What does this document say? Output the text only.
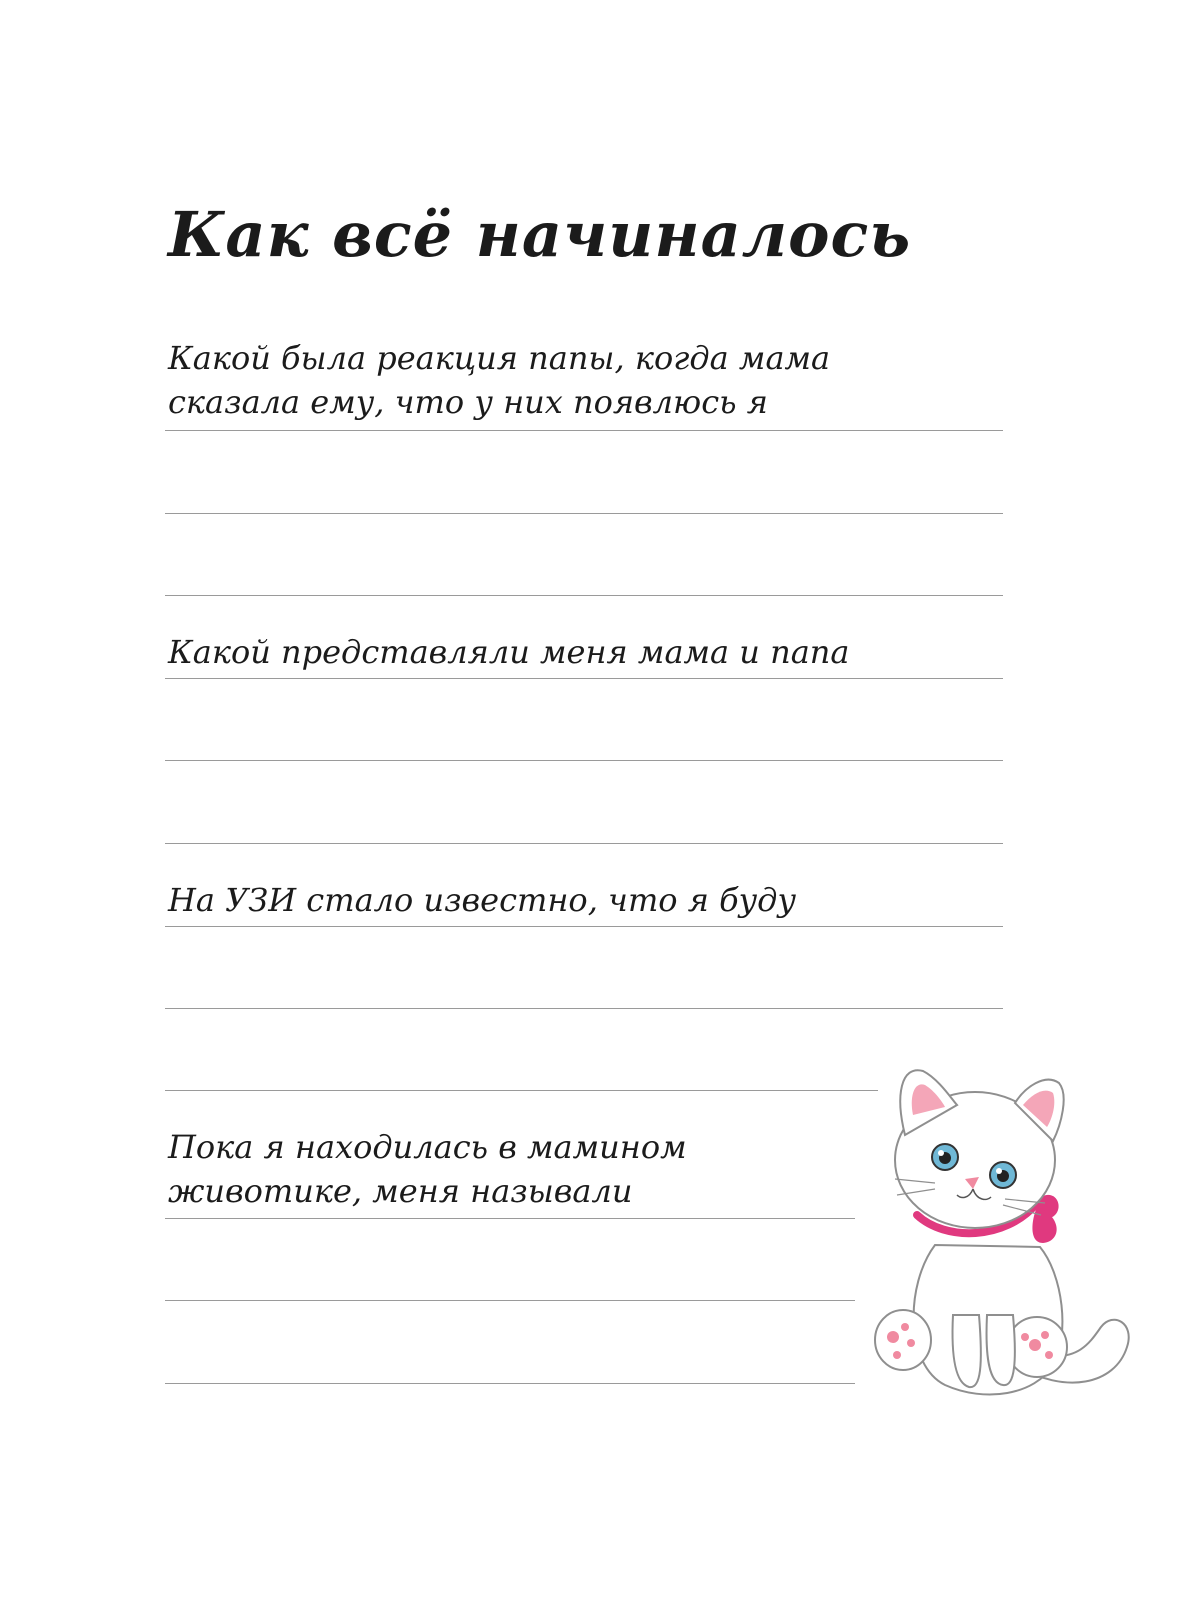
Как всё начиналось
Какой была реакция папы, когда мама
сказала ему, что у них появлюсь я
Какой представляли меня мама и папа
На УЗИ стало известно, что я буду
Пока я находилась в мамином
животике, меня называли
